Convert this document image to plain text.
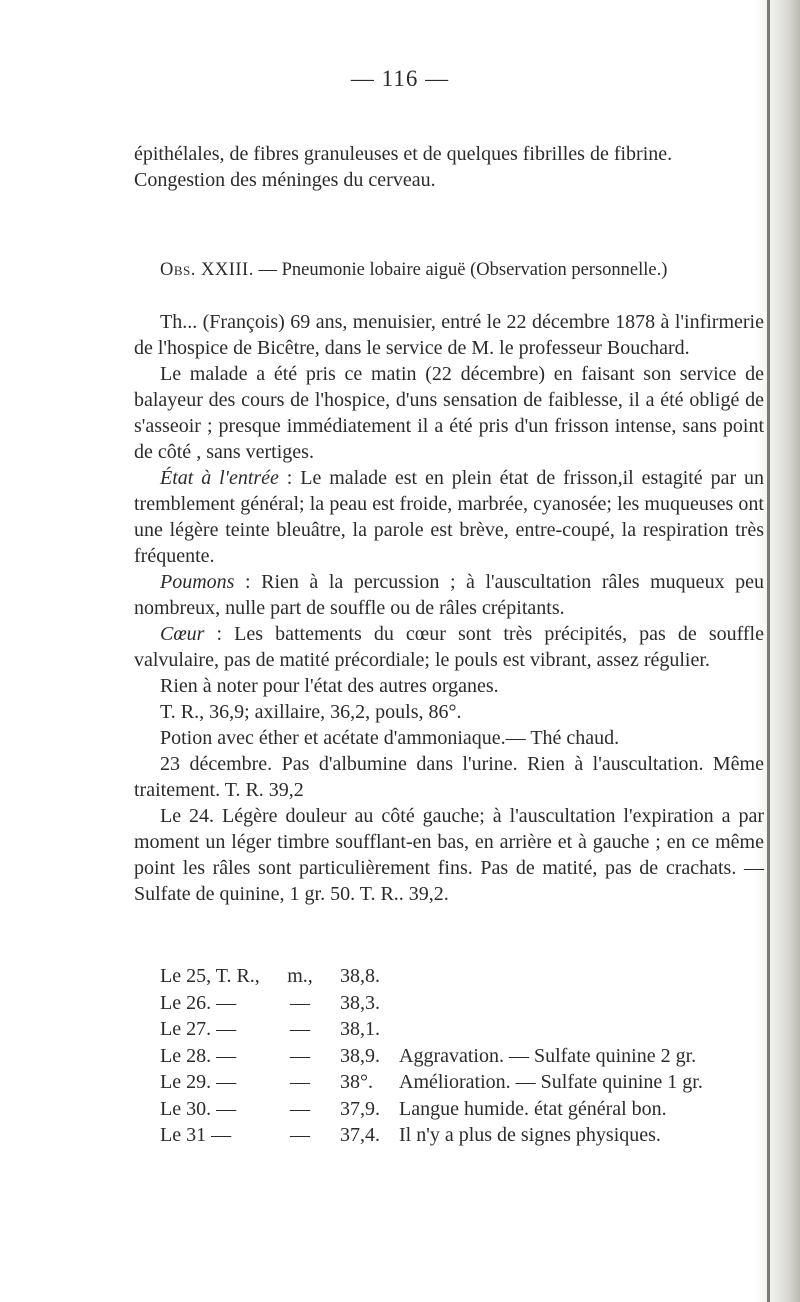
— 116 —

épithélales, de fibres granuleuses et de quelques fibrilles de fibrine.

Congestion des méninges du cerveau.

Obs. XXIII. — Pneumonie lobaire aiguë (Observation personnelle.)

Th... (François) 69 ans, menuisier, entré le 22 décembre 1878 à l'infirmerie de l'hospice de Bicêtre, dans le service de M. le professeur Bouchard.

Le malade a été pris ce matin (22 décembre) en faisant son service de balayeur des cours de l'hospice, d'uns sensation de faiblesse, il a été obligé de s'asseoir ; presque immédiatement il a été pris d'un frisson intense, sans point de côté , sans vertiges.

État à l'entrée : Le malade est en plein état de frisson,il estagité par un tremblement général; la peau est froide, marbrée, cyanosée; les muqueuses ont une légère teinte bleuâtre, la parole est brève, entre-coupé, la respiration très fréquente.

Poumons : Rien à la percussion ; à l'auscultation râles muqueux peu nombreux, nulle part de souffle ou de râles crépitants.

Cœur : Les battements du cœur sont très précipités, pas de souffle valvulaire, pas de matité précordiale; le pouls est vibrant, assez régulier.

Rien à noter pour l'état des autres organes.

T. R., 36,9; axillaire, 36,2, pouls, 86°.

Potion avec éther et acétate d'ammoniaque.— Thé chaud.

23 décembre. Pas d'albumine dans l'urine. Rien à l'auscultation. Même traitement. T. R. 39,2

Le 24. Légère douleur au côté gauche; à l'auscultation l'expiration a par moment un léger timbre soufflant-en bas, en arrière et à gauche ; en ce même point les râles sont particulièrement fins. Pas de matité, pas de crachats. — Sulfate de quinine, 1 gr. 50. T. R.. 39,2.

Le 25, T. R.,	m.,	38,8.
Le 26. —	—	38,3.
Le 27. —	—	38,1.
Le 28. —	—	38,9. Aggravation. — Sulfate quinine 2 gr.
Le 29. —	—	38°.	Amélioration. — Sulfate quinine 1 gr.
Le 30. —	—	37,9. Langue humide. état général bon.
Le 31 —	—	37,4. Il n'y a plus de signes physiques.
